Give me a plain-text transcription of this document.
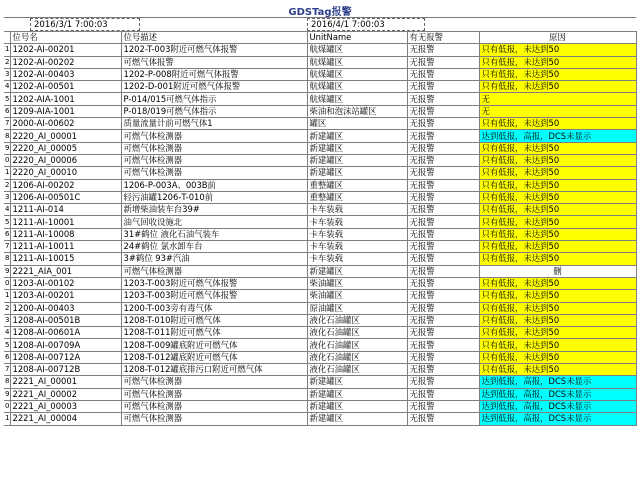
GDSTag报警
2016/3/1 7:00:03	2016/4/1 7:00:03
	位号名	位号描述	UnitName	有无报警	原因
1	1202-AI-00201	1202-T-003附近可燃气体报警	航煤罐区	无报警	只有低报，未达到50
2	1202-AI-00202	可燃气体报警	航煤罐区	无报警	只有低报，未达到50
3	1202-AI-00403	1202-P-008附近可燃气体报警	航煤罐区	无报警	只有低报，未达到50
4	1202-AI-00501	1202-D-001附近可燃气体报警	航煤罐区	无报警	只有低报，未达到50
5	1202-AIA-1001	P-014/015可燃气体指示	航煤罐区	无报警	无
6	1209-AIA-1001	P-018/019可燃气体指示	柴油和泡沫站罐区	无报警	无
7	2000-AI-00602	质量流量计前可燃气体1	罐区	无报警	只有低报，未达到50
8	2220_AI_00001	可燃气体检测器	新建罐区	无报警	达到低报，高报，DCS未显示
9	2220_AI_00005	可燃气体检测器	新建罐区	无报警	只有低报，未达到50
0	2220_AI_00006	可燃气体检测器	新建罐区	无报警	只有低报，未达到50
1	2220_AI_00010	可燃气体检测器	新建罐区	无报警	只有低报，未达到50
2	1206-AI-00202	1206-P-003A、003B前	重整罐区	无报警	只有低报，未达到50
3	1206-AI-00501C	轻污油罐1206-T-010前	重整罐区	无报警	只有低报，未达到50
4	1211-AI-014	新增柴油装车台39#	卡车装载	无报警	只有低报，未达到50
5	1211-AI-10001	油气回收设施北	卡车装载	无报警	只有低报，未达到50
6	1211-AI-10008	31#鹤位 液化石油气装车	卡车装载	无报警	只有低报，未达到50
7	1211-AI-10011	24#鹤位 氯水卸车台	卡车装载	无报警	只有低报，未达到50
8	1211-AI-10015	3#鹤位 93#汽油	卡车装载	无报警	只有低报，未达到50
9	2221_AIA_001	可燃气体检测器	新建罐区	无报警	删
0	1203-AI-00102	1203-T-003附近可燃气体报警	柴油罐区	无报警	只有低报，未达到50
1	1203-AI-00201	1203-T-003附近可燃气体报警	柴油罐区	无报警	只有低报，未达到50
2	1200-AI-00403	1200-T-003旁有毒气体	原油罐区	无报警	只有低报，未达到50
3	1208-AI-00501B	1208-T-010附近可燃气体	液化石油罐区	无报警	只有低报，未达到50
4	1208-AI-00601A	1208-T-011附近可燃气体	液化石油罐区	无报警	只有低报，未达到50
5	1208-AI-00709A	1208-T-009罐底附近可燃气体	液化石油罐区	无报警	只有低报，未达到50
6	1208-AI-00712A	1208-T-012罐底附近可燃气体	液化石油罐区	无报警	只有低报，未达到50
7	1208-AI-00712B	1208-T-012罐底排污口附近可燃气体	液化石油罐区	无报警	只有低报，未达到50
8	2221_AI_00001	可燃气体检测器	新建罐区	无报警	达到低报，高报，DCS未显示
9	2221_AI_00002	可燃气体检测器	新建罐区	无报警	达到低报，高报，DCS未显示
0	2221_AI_00003	可燃气体检测器	新建罐区	无报警	达到低报，高报，DCS未显示
1	2221_AI_00004	可燃气体检测器	新建罐区	无报警	达到低报，高报，DCS未显示
